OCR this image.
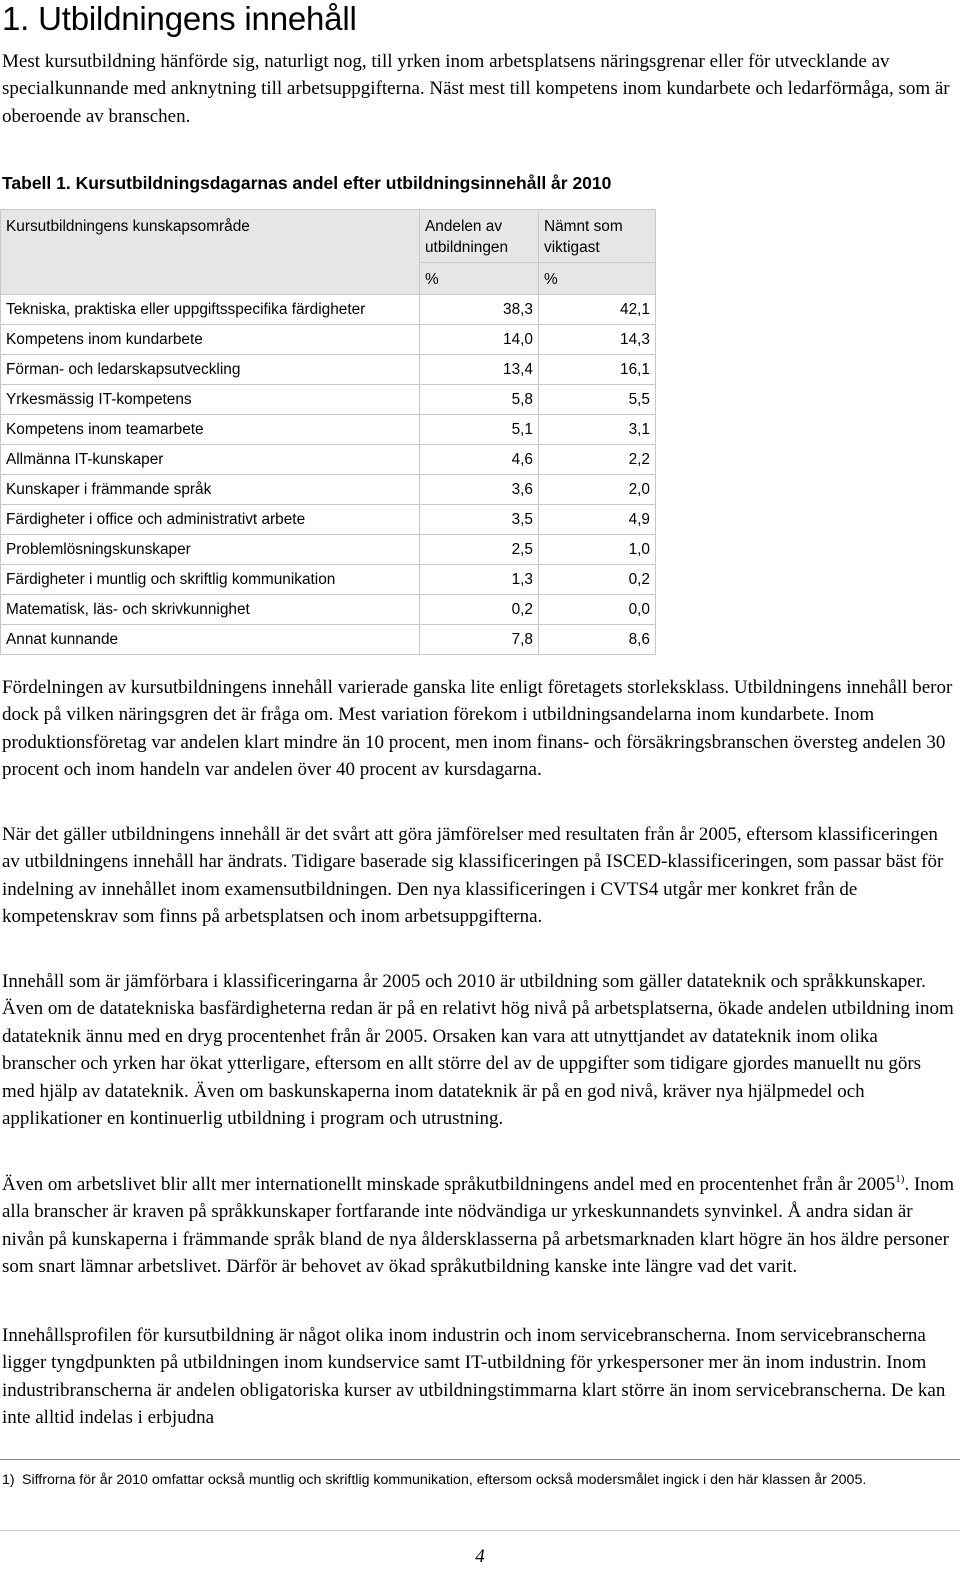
1. Utbildningens innehåll

Mest kursutbildning hänförde sig, naturligt nog, till yrken inom arbetsplatsens näringsgrenar eller för utvecklande av specialkunnande med anknytning till arbetsuppgifterna. Näst mest till kompetens inom kundarbete och ledarförmåga, som är oberoende av branschen.

Tabell 1. Kursutbildningsdagarnas andel efter utbildningsinnehåll år 2010

Kursutbildningens kunskapsområde	Andelen av utbildningen	Nämnt som viktigast
	%	%
Tekniska, praktiska eller uppgiftsspecifika färdigheter	38,3	42,1
Kompetens inom kundarbete	14,0	14,3
Förman- och ledarskapsutveckling	13,4	16,1
Yrkesmässig IT-kompetens	5,8	5,5
Kompetens inom teamarbete	5,1	3,1
Allmänna IT-kunskaper	4,6	2,2
Kunskaper i främmande språk	3,6	2,0
Färdigheter i office och administrativt arbete	3,5	4,9
Problemlösningskunskaper	2,5	1,0
Färdigheter i muntlig och skriftlig kommunikation	1,3	0,2
Matematisk, läs- och skrivkunnighet	0,2	0,0
Annat kunnande	7,8	8,6

Fördelningen av kursutbildningens innehåll varierade ganska lite enligt företagets storleksklass. Utbildningens innehåll beror dock på vilken näringsgren det är fråga om. Mest variation förekom i utbildningsandelarna inom kundarbete. Inom produktionsföretag var andelen klart mindre än 10 procent, men inom finans- och försäkringsbranschen översteg andelen 30 procent och inom handeln var andelen över 40 procent av kursdagarna.

När det gäller utbildningens innehåll är det svårt att göra jämförelser med resultaten från år 2005, eftersom klassificeringen av utbildningens innehåll har ändrats. Tidigare baserade sig klassificeringen på ISCED-klassificeringen, som passar bäst för indelning av innehållet inom examensutbildningen. Den nya klassificeringen i CVTS4 utgår mer konkret från de kompetenskrav som finns på arbetsplatsen och inom arbetsuppgifterna.

Innehåll som är jämförbara i klassificeringarna år 2005 och 2010 är utbildning som gäller datateknik och språkkunskaper. Även om de datatekniska basfärdigheterna redan är på en relativt hög nivå på arbetsplatserna, ökade andelen utbildning inom datateknik ännu med en dryg procentenhet från år 2005. Orsaken kan vara att utnyttjandet av datateknik inom olika branscher och yrken har ökat ytterligare, eftersom en allt större del av de uppgifter som tidigare gjordes manuellt nu görs med hjälp av datateknik. Även om baskunskaperna inom datateknik är på en god nivå, kräver nya hjälpmedel och applikationer en kontinuerlig utbildning i program och utrustning.

Även om arbetslivet blir allt mer internationellt minskade språkutbildningens andel med en procentenhet från år 2005$^{1)}$. Inom alla branscher är kraven på språkkunskaper fortfarande inte nödvändiga ur yrkeskunnandets synvinkel. Å andra sidan är nivån på kunskaperna i främmande språk bland de nya åldersklasserna på arbetsmarknaden klart högre än hos äldre personer som snart lämnar arbetslivet. Därför är behovet av ökad språkutbildning kanske inte längre vad det varit.

Innehållsprofilen för kursutbildning är något olika inom industrin och inom servicebranscherna. Inom servicebranscherna ligger tyngdpunkten på utbildningen inom kundservice samt IT-utbildning för yrkespersoner mer än inom industrin. Inom industribranscherna är andelen obligatoriska kurser av utbildningstimmarna klart större än inom servicebranscherna. De kan inte alltid indelas i erbjudna

1) Siffrorna för år 2010 omfattar också muntlig och skriftlig kommunikation, eftersom också modersmålet ingick i den här klassen år 2005.

4
